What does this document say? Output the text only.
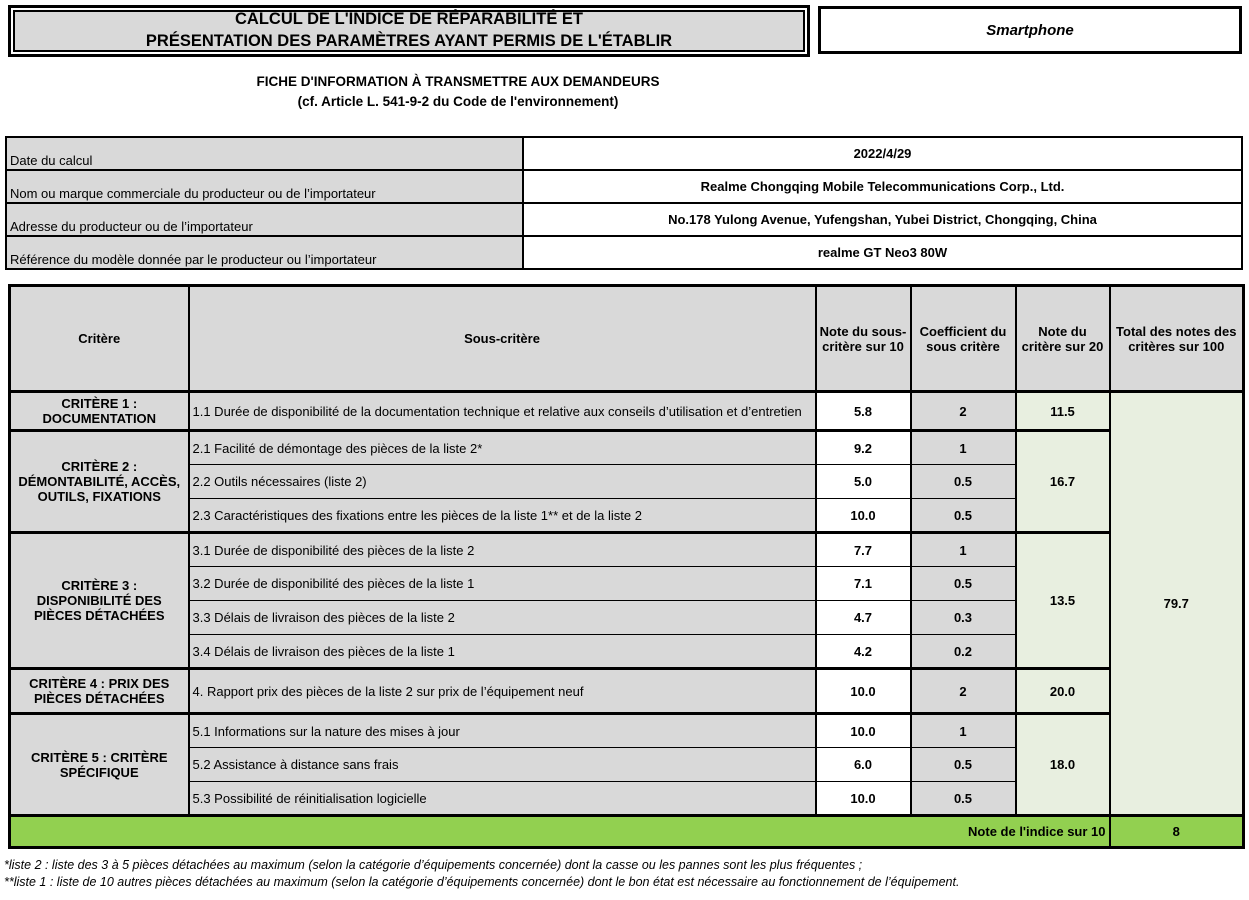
CALCUL DE L'INDICE DE RÉPARABILITÉ ET
PRÉSENTATION DES PARAMÈTRES AYANT PERMIS DE L'ÉTABLIR
Smartphone
FICHE D'INFORMATION À TRANSMETTRE AUX DEMANDEURS
(cf. Article L. 541-9-2 du Code de l'environnement)
Date du calcul	2022/4/29
Nom ou marque commerciale du producteur ou de l’importateur	Realme Chongqing Mobile Telecommunications Corp., Ltd.
Adresse du producteur ou de l’importateur	No.178 Yulong Avenue, Yufengshan, Yubei District, Chongqing, China
Référence du modèle donnée par le producteur ou l’importateur	realme GT Neo3 80W
Critère	Sous-critère	Note du sous-critère sur 10	Coefficient du sous critère	Note du critère sur 20	Total des notes des critères sur 100
CRITÈRE 1 : DOCUMENTATION	1.1 Durée de disponibilité de la documentation technique et relative aux conseils d’utilisation et d’entretien	5.8	2	11.5	79.7
CRITÈRE 2 : DÉMONTABILITÉ, ACCÈS, OUTILS, FIXATIONS	2.1 Facilité de démontage des pièces de la liste 2*	9.2	1	16.7	
	2.2 Outils nécessaires (liste 2)	5.0	0.5		
	2.3 Caractéristiques des fixations entre les pièces de la liste 1** et de la liste 2	10.0	0.5		
CRITÈRE 3 : DISPONIBILITÉ DES PIÈCES DÉTACHÉES	3.1 Durée de disponibilité des pièces de la liste 2	7.7	1	13.5	
	3.2 Durée de disponibilité des pièces de la liste 1	7.1	0.5		
	3.3 Délais de livraison des pièces de la liste 2	4.7	0.3		
	3.4 Délais de livraison des pièces de la liste 1	4.2	0.2		
CRITÈRE 4 : PRIX DES PIÈCES DÉTACHÉES	4. Rapport prix des pièces de la liste 2 sur prix de l’équipement neuf	10.0	2	20.0	
CRITÈRE 5 : CRITÈRE SPÉCIFIQUE	5.1 Informations sur la nature des mises à jour	10.0	1	18.0	
	5.2 Assistance à distance sans frais	6.0	0.5		
	5.3 Possibilité de réinitialisation logicielle	10.0	0.5		
Note de l'indice sur 10					8
*liste 2 : liste des 3 à 5 pièces détachées au maximum (selon la catégorie d’équipements concernée) dont la casse ou les pannes sont les plus fréquentes ;
**liste 1 : liste de 10 autres pièces détachées au maximum (selon la catégorie d’équipements concernée) dont le bon état est nécessaire au fonctionnement de l’équipement.
